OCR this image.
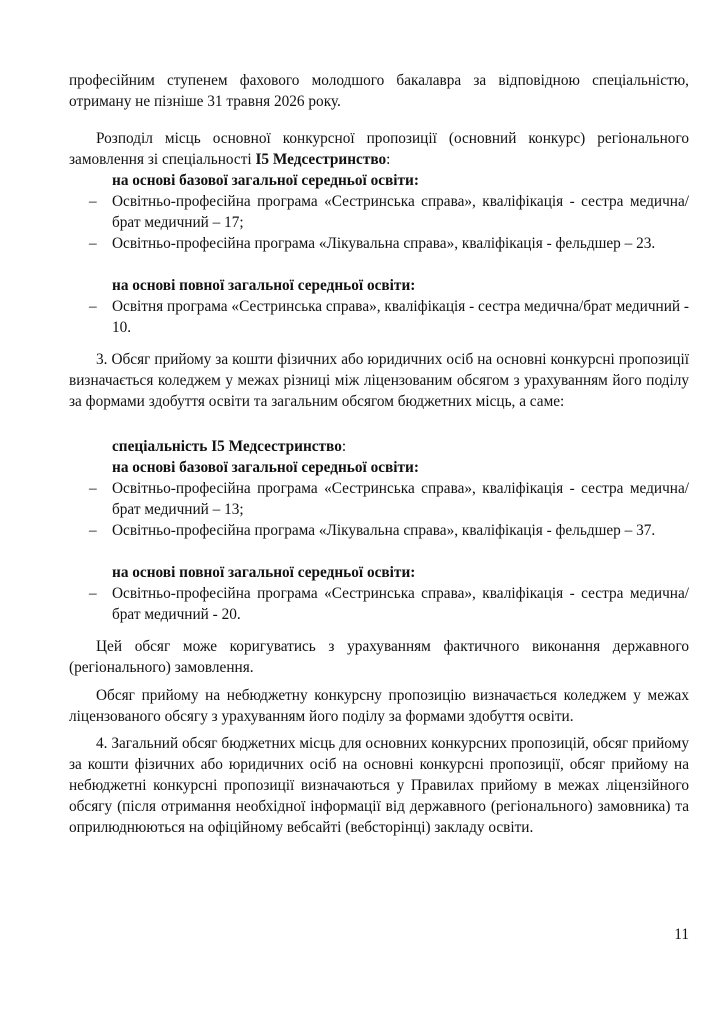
професійним ступенем фахового молодшого бакалавра за відповідною спеціальністю, отриману не пізніше 31 травня 2026 року.

Розподіл місць основної конкурсної пропозиції (основний конкурс) регіонального замовлення зі спеціальності І5 Медсестринство:

на основі базової загальної середньої освіти:

– Освітньо-професійна програма «Сестринська справа», кваліфікація - сестра медична/брат медичний – 17;

– Освітньо-професійна програма «Лікувальна справа», кваліфікація - фельдшер – 23.

на основі повної загальної середньої освіти:

– Освітня програма «Сестринська справа», кваліфікація - сестра медична/брат медичний - 10.

3. Обсяг прийому за кошти фізичних або юридичних осіб на основні конкурсні пропозиції визначається коледжем у межах різниці між ліцензованим обсягом з урахуванням його поділу за формами здобуття освіти та загальним обсягом бюджетних місць, а саме:

спеціальність І5 Медсестринство:

на основі базової загальної середньої освіти:

– Освітньо-професійна програма «Сестринська справа», кваліфікація - сестра медична/брат медичний – 13;

– Освітньо-професійна програма «Лікувальна справа», кваліфікація - фельдшер – 37.

на основі повної загальної середньої освіти:

– Освітньо-професійна програма «Сестринська справа», кваліфікація - сестра медична/брат медичний - 20.

Цей обсяг може коригуватись з урахуванням фактичного виконання державного (регіонального) замовлення.

Обсяг прийому на небюджетну конкурсну пропозицію визначається коледжем у межах ліцензованого обсягу з урахуванням його поділу за формами здобуття освіти.

4. Загальний обсяг бюджетних місць для основних конкурсних пропозицій, обсяг прийому за кошти фізичних або юридичних осіб на основні конкурсні пропозиції, обсяг прийому на небюджетні конкурсні пропозиції визначаються у Правилах прийому в межах ліцензійного обсягу (після отримання необхідної інформації від державного (регіонального) замовника) та оприлюднюються на офіційному вебсайті (вебсторінці) закладу освіти.

11
